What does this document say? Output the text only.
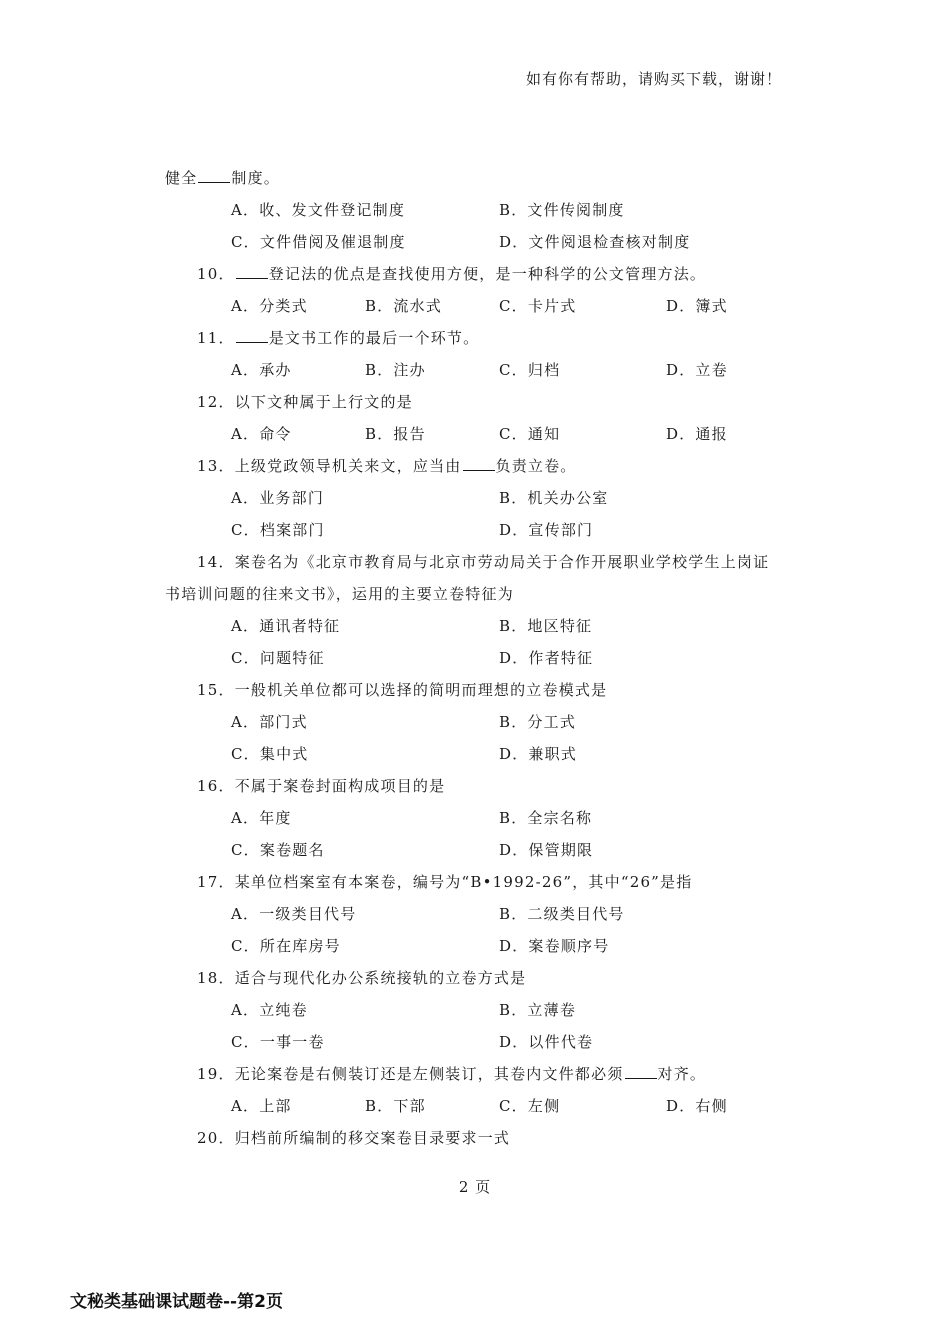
如有你有帮助，请购买下载，谢谢！
健全 制度。
A．收、发文件登记制度	B．文件传阅制度
C．文件借阅及催退制度	D．文件阅退检查核对制度
10． 登记法的优点是查找使用方便，是一种科学的公文管理方法。
A．分类式	B．流水式	C．卡片式	D．簿式
11． 是文书工作的最后一个环节。
A．承办	B．注办	C．归档	D．立卷
12．以下文种属于上行文的是
A．命令	B．报告	C．通知	D．通报
13．上级党政领导机关来文，应当由 负责立卷。
A．业务部门	B．机关办公室
C．档案部门	D．宣传部门
14．案卷名为《北京市教育局与北京市劳动局关于合作开展职业学校学生上岗证
书培训问题的往来文书》，运用的主要立卷特征为
A．通讯者特征	B．地区特征
C．问题特征	D．作者特征
15．一般机关单位都可以选择的简明而理想的立卷模式是
A．部门式	B．分工式
C．集中式	D．兼职式
16．不属于案卷封面构成项目的是
A．年度	B．全宗名称
C．案卷题名	D．保管期限
17．某单位档案室有本案卷，编号为“B•1992-26”，其中“26”是指
A．一级类目代号	B．二级类目代号
C．所在库房号	D．案卷顺序号
18．适合与现代化办公系统接轨的立卷方式是
A．立纯卷	B．立薄卷
C．一事一卷	D．以件代卷
19．无论案卷是右侧装订还是左侧装订，其卷内文件都必须 对齐。
A．上部	B．下部	C．左侧	D．右侧
20．归档前所编制的移交案卷目录要求一式
2 页
文秘类基础课试题卷--第2页
